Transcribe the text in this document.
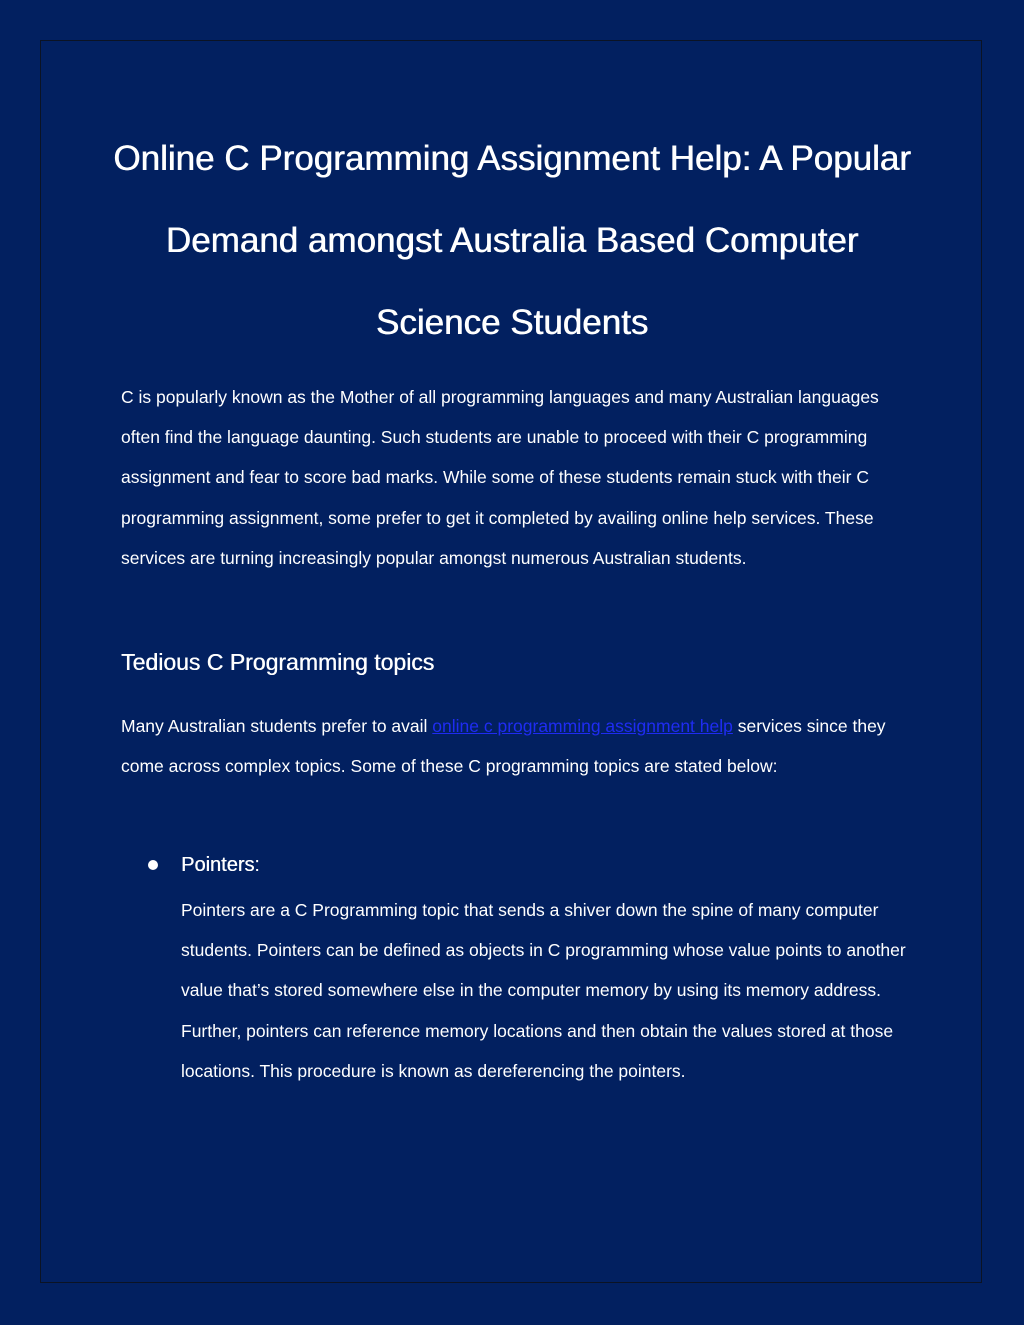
Online C Programming Assignment Help: A Popular Demand amongst Australia Based Computer Science Students

C is popularly known as the Mother of all programming languages and many Australian languages often find the language daunting. Such students are unable to proceed with their C programming assignment and fear to score bad marks. While some of these students remain stuck with their C programming assignment, some prefer to get it completed by availing online help services. These services are turning increasingly popular amongst numerous Australian students.

Tedious C Programming topics

Many Australian students prefer to avail online c programming assignment help services since they come across complex topics. Some of these C programming topics are stated below:

Pointers:

Pointers are a C Programming topic that sends a shiver down the spine of many computer students. Pointers can be defined as objects in C programming whose value points to another value that’s stored somewhere else in the computer memory by using its memory address. Further, pointers can reference memory locations and then obtain the values stored at those locations. This procedure is known as dereferencing the pointers.
